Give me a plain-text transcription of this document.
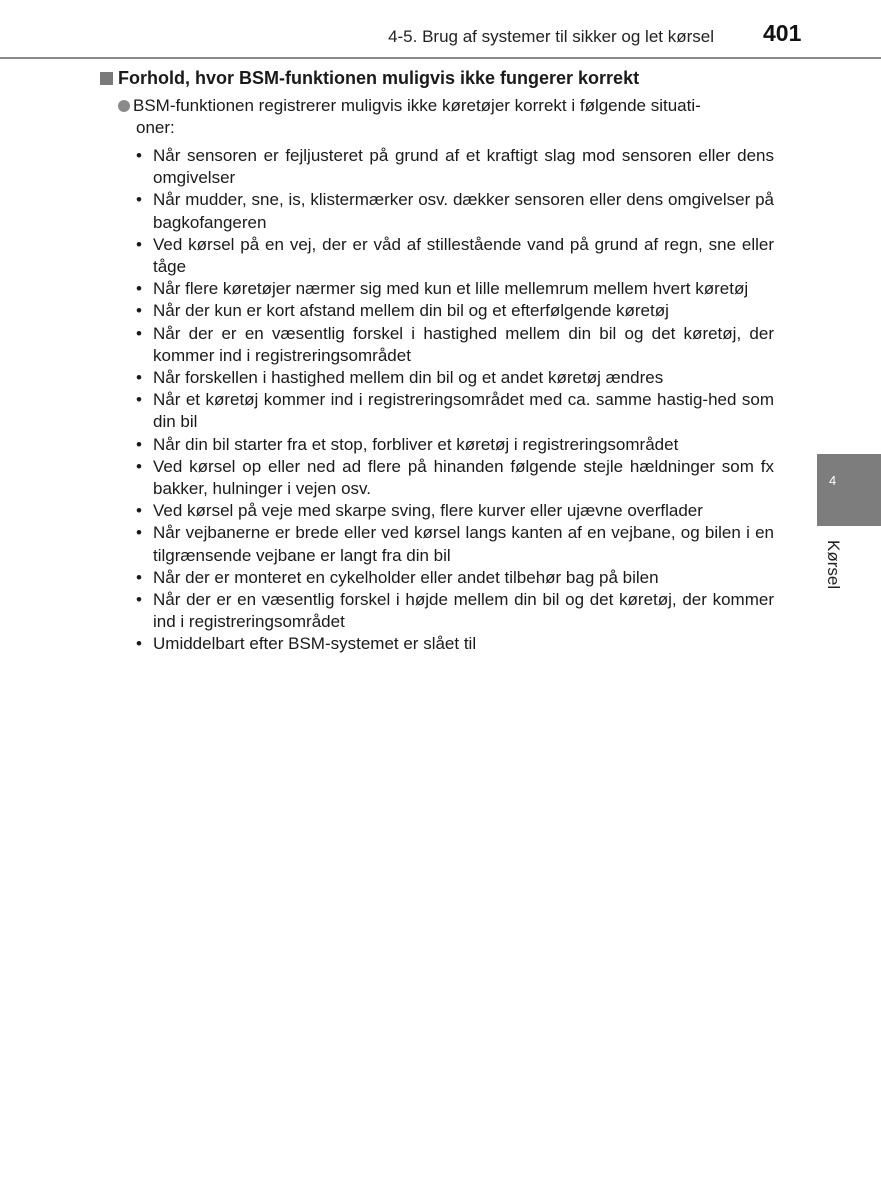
4-5. Brug af systemer til sikker og let kørsel 401
Forhold, hvor BSM-funktionen muligvis ikke fungerer korrekt
BSM-funktionen registrerer muligvis ikke køretøjer korrekt i følgende situati-
oner:
• Når sensoren er fejljusteret på grund af et kraftigt slag mod sensoren eller dens omgivelser
• Når mudder, sne, is, klistermærker osv. dækker sensoren eller dens omgivelser på bagkofangeren
• Ved kørsel på en vej, der er våd af stillestående vand på grund af regn, sne eller tåge
• Når flere køretøjer nærmer sig med kun et lille mellemrum mellem hvert køretøj
• Når der kun er kort afstand mellem din bil og et efterfølgende køretøj
• Når der er en væsentlig forskel i hastighed mellem din bil og det køretøj, der kommer ind i registreringsområdet
• Når forskellen i hastighed mellem din bil og et andet køretøj ændres
• Når et køretøj kommer ind i registreringsområdet med ca. samme hastig-hed som din bil
• Når din bil starter fra et stop, forbliver et køretøj i registreringsområdet
• Ved kørsel op eller ned ad flere på hinanden følgende stejle hældninger som fx bakker, hulninger i vejen osv.
• Ved kørsel på veje med skarpe sving, flere kurver eller ujævne overflader
• Når vejbanerne er brede eller ved kørsel langs kanten af en vejbane, og bilen i en tilgrænsende vejbane er langt fra din bil
• Når der er monteret en cykelholder eller andet tilbehør bag på bilen
• Når der er en væsentlig forskel i højde mellem din bil og det køretøj, der kommer ind i registreringsområdet
• Umiddelbart efter BSM-systemet er slået til
4
Kørsel
